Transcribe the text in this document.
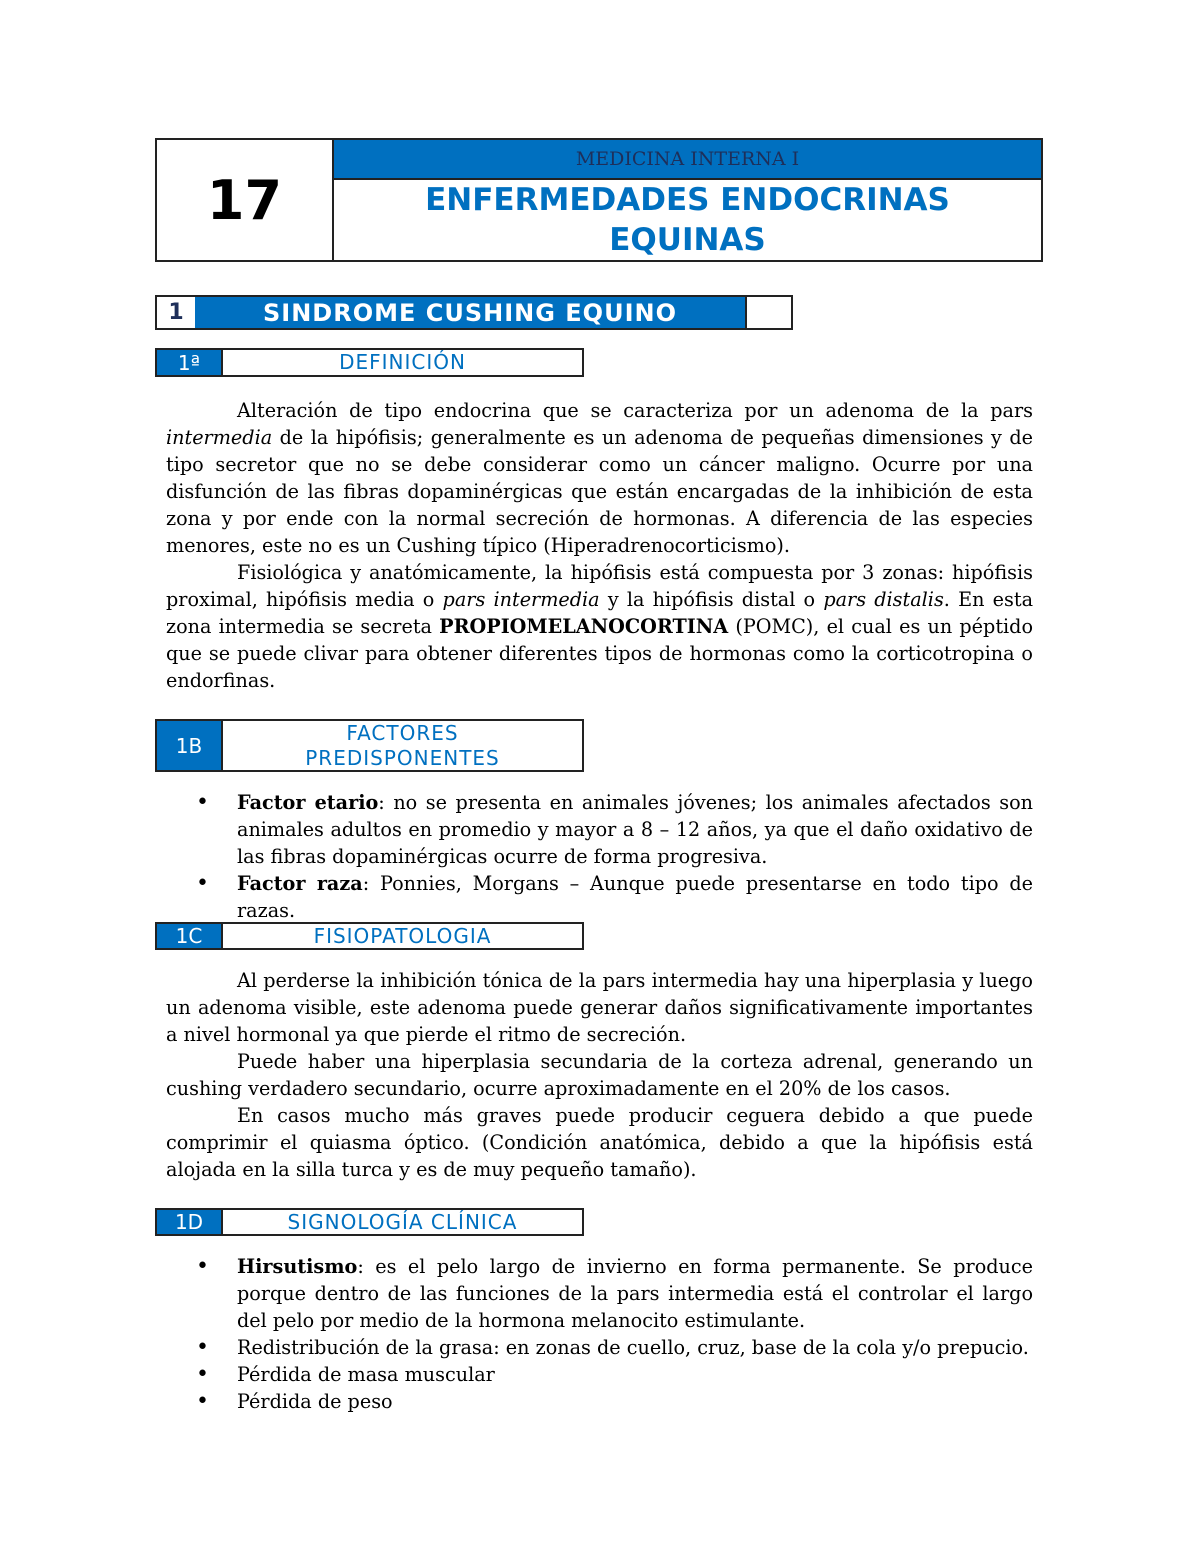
17
MEDICINA INTERNA I
ENFERMEDADES ENDOCRINAS
EQUINAS
1	SINDROME CUSHING EQUINO
1ª	DEFINICIÓN

Alteración de tipo endocrina que se caracteriza por un adenoma de la pars intermedia de la hipófisis; generalmente es un adenoma de pequeñas dimensiones y de tipo secretor que no se debe considerar como un cáncer maligno. Ocurre por una disfunción de las fibras dopaminérgicas que están encargadas de la inhibición de esta zona y por ende con la normal secreción de hormonas. A diferencia de las especies menores, este no es un Cushing típico (Hiperadrenocorticismo).

Fisiológica y anatómicamente, la hipófisis está compuesta por 3 zonas: hipófisis proximal, hipófisis media o pars intermedia y la hipófisis distal o pars distalis. En esta zona intermedia se secreta PROPIOMELANOCORTINA (POMC), el cual es un péptido que se puede clivar para obtener diferentes tipos de hormonas como la corticotropina o endorfinas.

1B
FACTORES
PREDISPONENTES
• Factor etario: no se presenta en animales jóvenes; los animales afectados son animales adultos en promedio y mayor a 8 – 12 años, ya que el daño oxidativo de las fibras dopaminérgicas ocurre de forma progresiva.
• Factor raza: Ponnies, Morgans – Aunque puede presentarse en todo tipo de razas.
1C	FISIOPATOLOGIA

Al perderse la inhibición tónica de la pars intermedia hay una hiperplasia y luego un adenoma visible, este adenoma puede generar daños significativamente importantes a nivel hormonal ya que pierde el ritmo de secreción.

Puede haber una hiperplasia secundaria de la corteza adrenal, generando un cushing verdadero secundario, ocurre aproximadamente en el 20% de los casos.

En casos mucho más graves puede producir ceguera debido a que puede comprimir el quiasma óptico. (Condición anatómica, debido a que la hipófisis está alojada en la silla turca y es de muy pequeño tamaño).

1D	SIGNOLOGÍA CLÍNICA
• Hirsutismo: es el pelo largo de invierno en forma permanente. Se produce porque dentro de las funciones de la pars intermedia está el controlar el largo del pelo por medio de la hormona melanocito estimulante.
• Redistribución de la grasa: en zonas de cuello, cruz, base de la cola y/o prepucio.
• Pérdida de masa muscular
• Pérdida de peso
